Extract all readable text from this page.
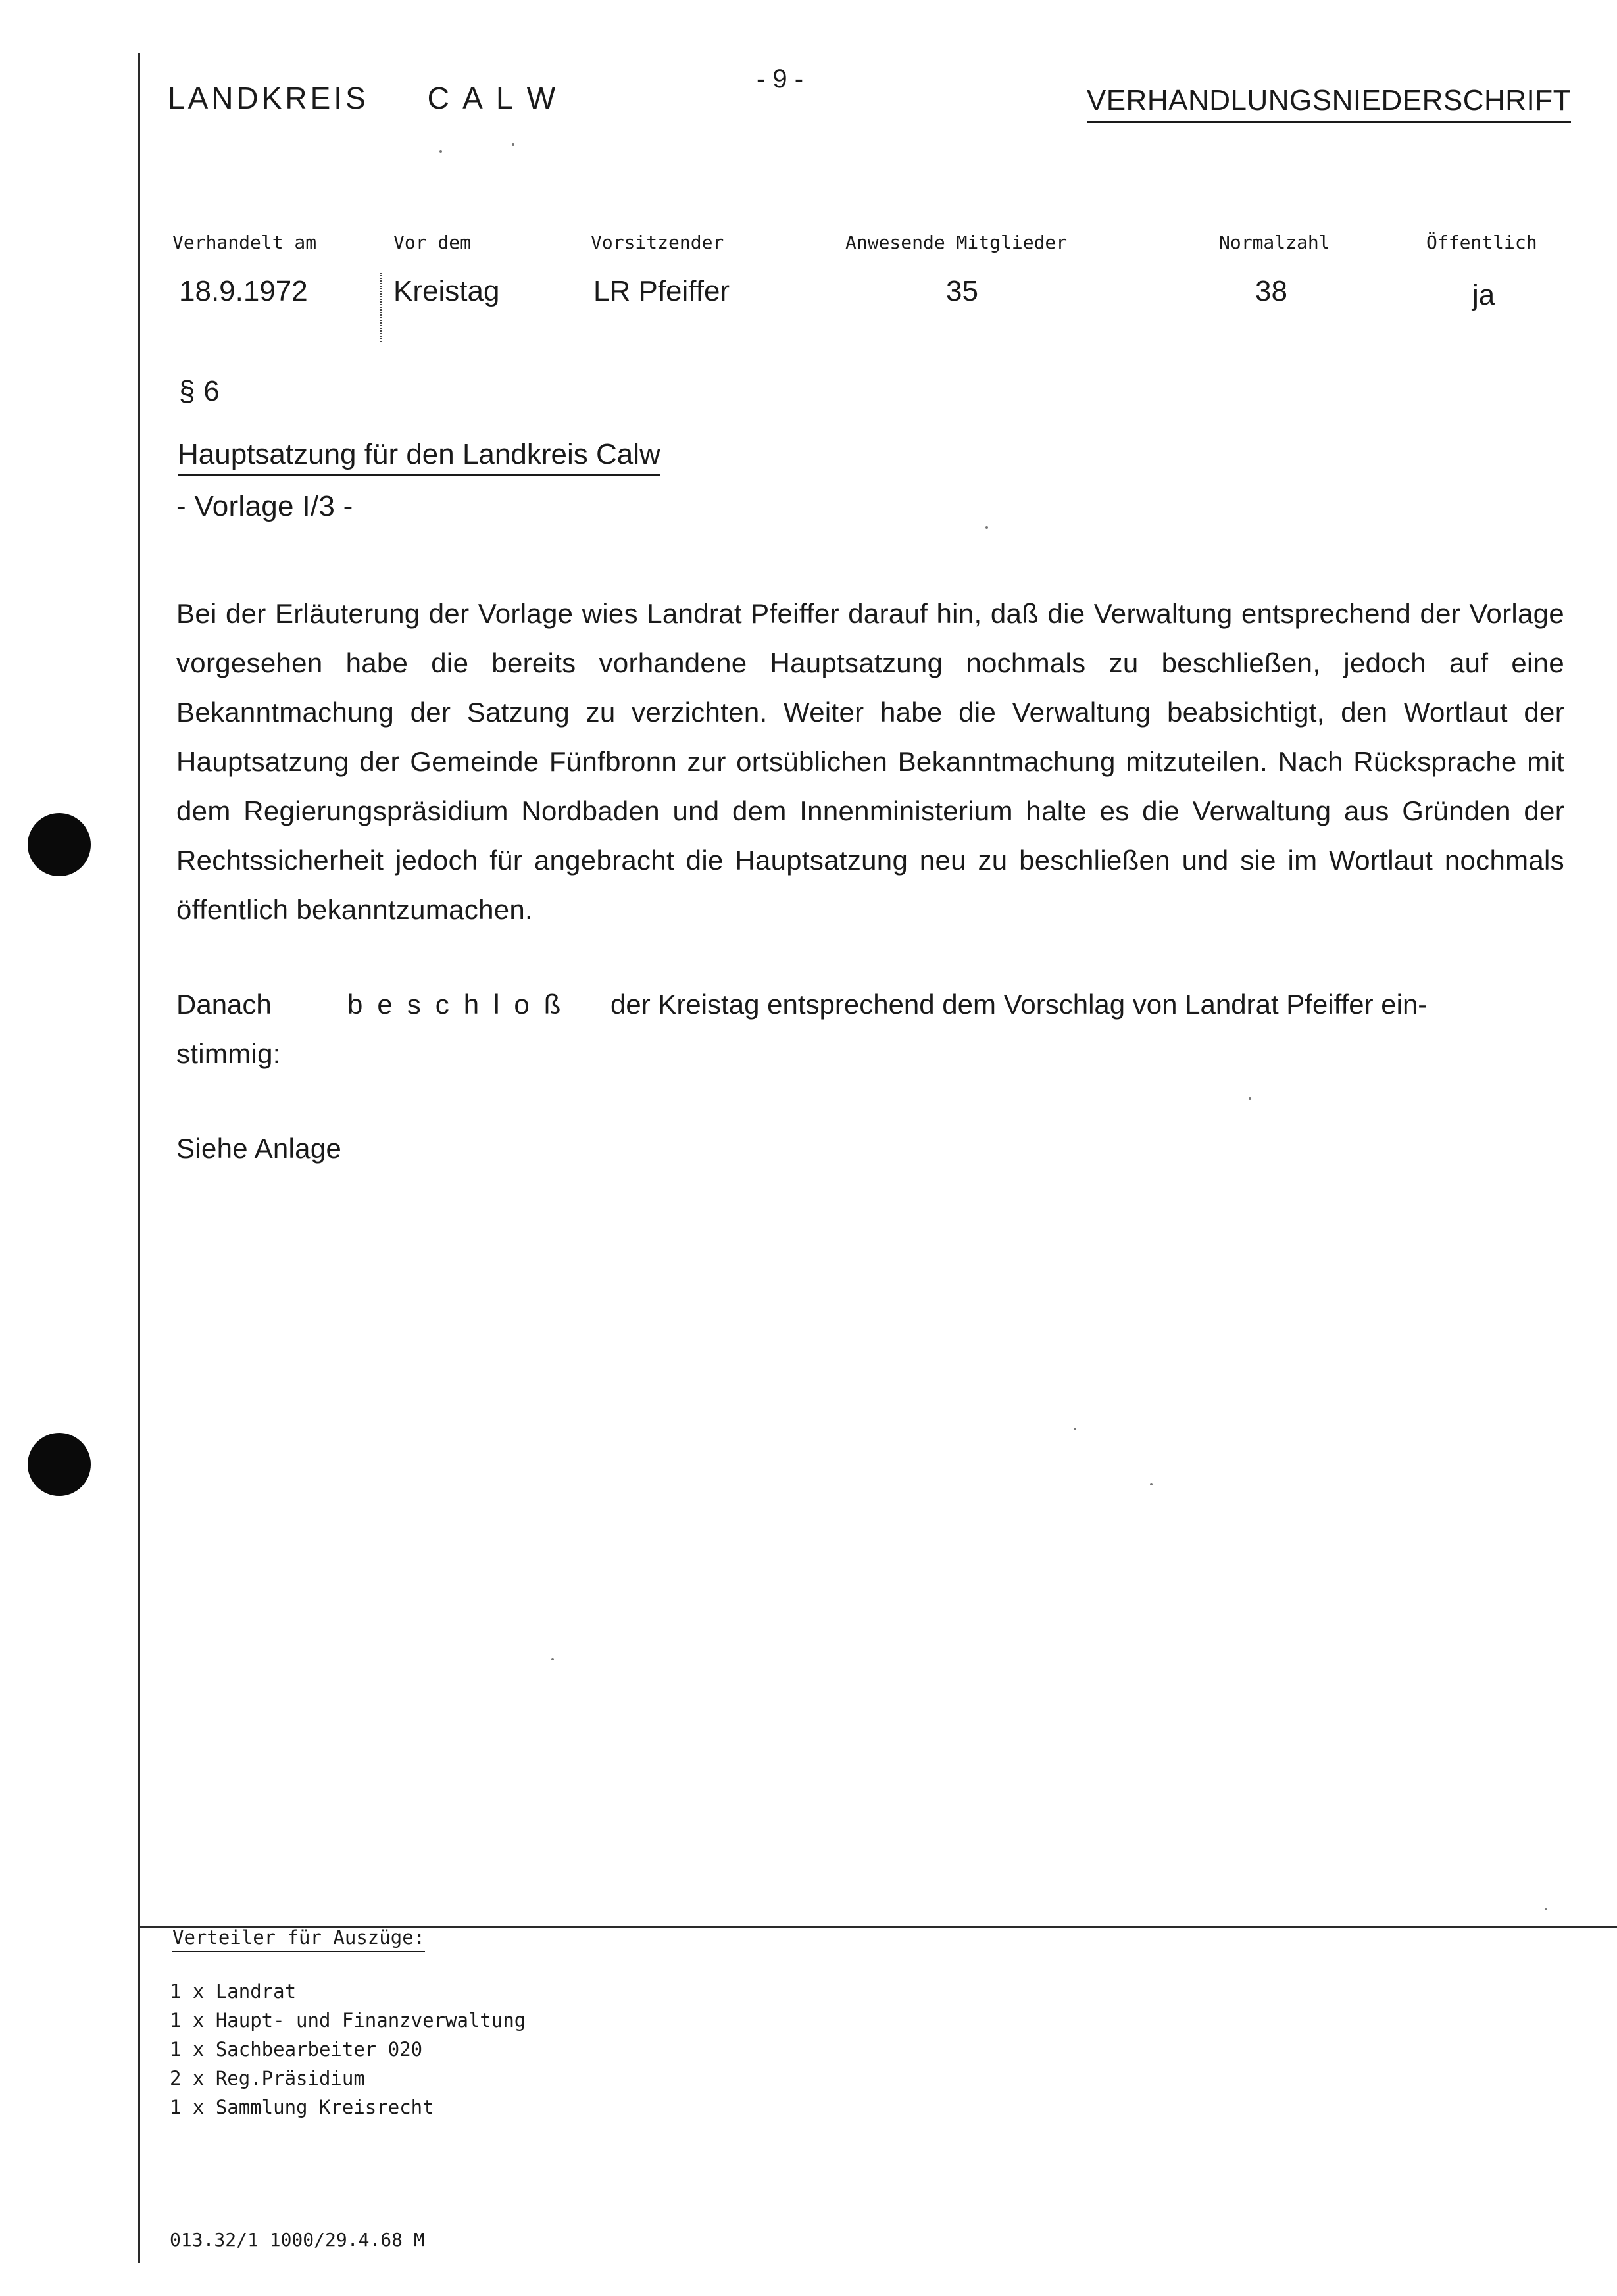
LANDKREIS     C A L W
- 9 -
VERHANDLUNGSNIEDERSCHRIFT
Verhandelt am	Vor dem	Vorsitzender	Anwesende Mitglieder	Normalzahl	Öffentlich
18.9.1972	Kreistag	LR Pfeiffer	35	38	ja
§ 6
Hauptsatzung für den Landkreis Calw
- Vorlage I/3 -
Bei der Erläuterung der Vorlage wies Landrat Pfeiffer darauf hin, daß die Verwaltung entsprechend der Vorlage vorgesehen habe die bereits vorhandene Hauptsatzung nochmals zu beschließen, jedoch auf eine Bekanntmachung der Satzung zu verzichten. Weiter habe die Verwaltung beabsichtigt, den Wortlaut der Hauptsatzung der Gemeinde Fünfbronn zur ortsüblichen Bekanntmachung mitzuteilen. Nach Rücksprache mit dem Regierungspräsidium Nordbaden und dem Innenministerium halte es die Verwaltung aus Gründen der Rechtssicherheit jedoch für angebracht die Hauptsatzung neu zu beschließen und sie im Wortlaut nochmals öffentlich bekanntzumachen.
Danach	beschloß der Kreistag entsprechend dem Vorschlag von Landrat Pfeiffer ein-
stimmig:
Siehe Anlage
Verteiler für Auszüge:
1 x Landrat
1 x Haupt- und Finanzverwaltung
1 x Sachbearbeiter 020
2 x Reg.Präsidium
1 x Sammlung Kreisrecht
013.32/1 1000/29.4.68 M
